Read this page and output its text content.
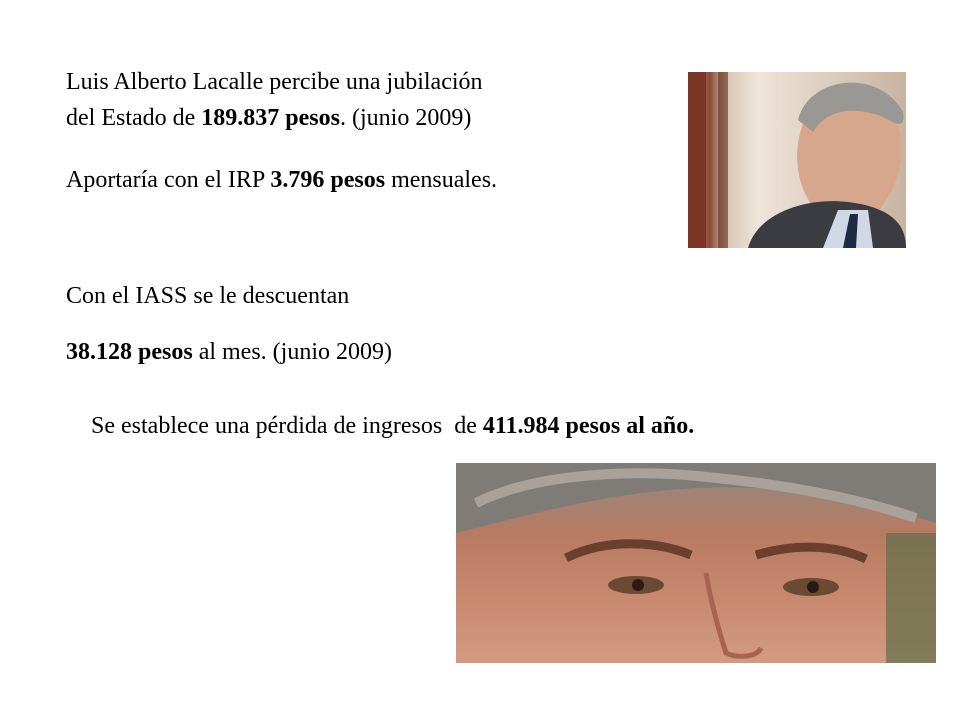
Luis Alberto Lacalle percibe una jubilación
del Estado de 189.837 pesos. (junio 2009)
Aportaría con el IRP 3.796 pesos mensuales.
Con el IASS se le descuentan
38.128 pesos al mes. (junio 2009)
Se establece una pérdida de ingresos  de 411.984 pesos al año.
